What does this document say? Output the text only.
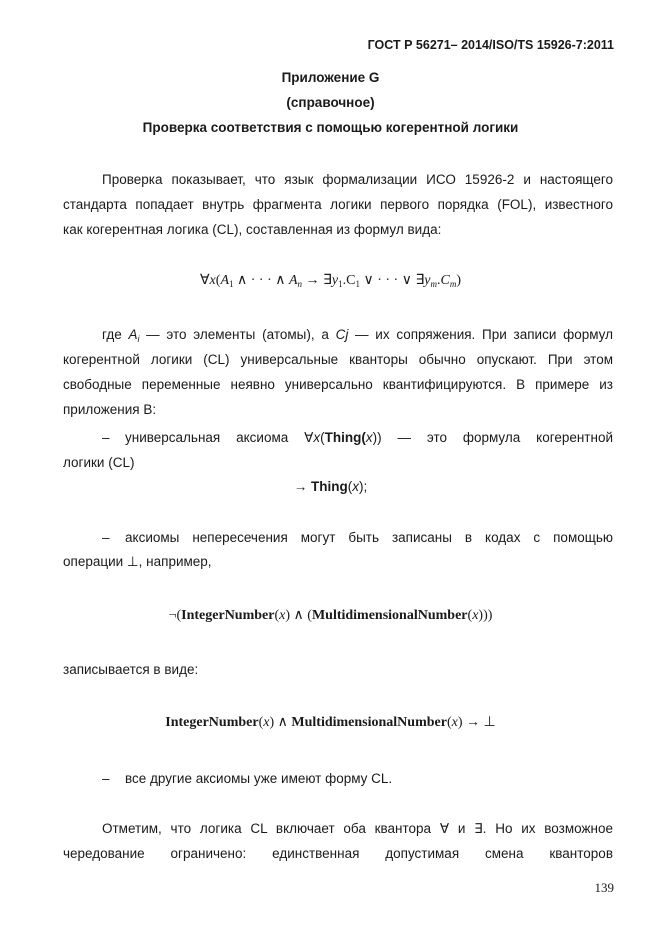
ГОСТ Р 56271– 2014/ISO/TS 15926-7:2011
Приложение G
(справочное)
Проверка соответствия с помощью когерентной логики
Проверка показывает, что язык формализации ИСО 15926-2 и настоящего
стандарта попадает внутрь фрагмента логики первого порядка (FOL), известного
как когерентная логика (CL), составленная из формул вида:
$\forall x(A_1$ ∧ · · · ∧ $A_n$ → $\exists y_1.C_1$ ∨ · · · ∨ $\exists y_m.C_m$)
где $A_i$ — это элементы (атомы), а Cj — их сопряжения. При записи формул
когерентной логики (CL) универсальные кванторы обычно опускают. При этом
свободные переменные неявно универсально квантифицируются. В примере из
приложения B:
–	универсальная аксиома ∀x(Thing(x)) — это формула когерентной
логики (CL)
→ Thing(x);
–	аксиомы непересечения могут быть записаны в кодах с помощью
операции ⊥, например,
¬(IntegerNumber(x) ∧ (MultidimensionalNumber(x)))
записывается в виде:
IntegerNumber(x) ∧ MultidimensionalNumber(x) → ⊥
–	все другие аксиомы уже имеют форму CL.
Отметим, что логика CL включает оба квантора ∀ и ∃. Но их возможное
чередование ограничено: единственная допустимая смена кванторов
139
